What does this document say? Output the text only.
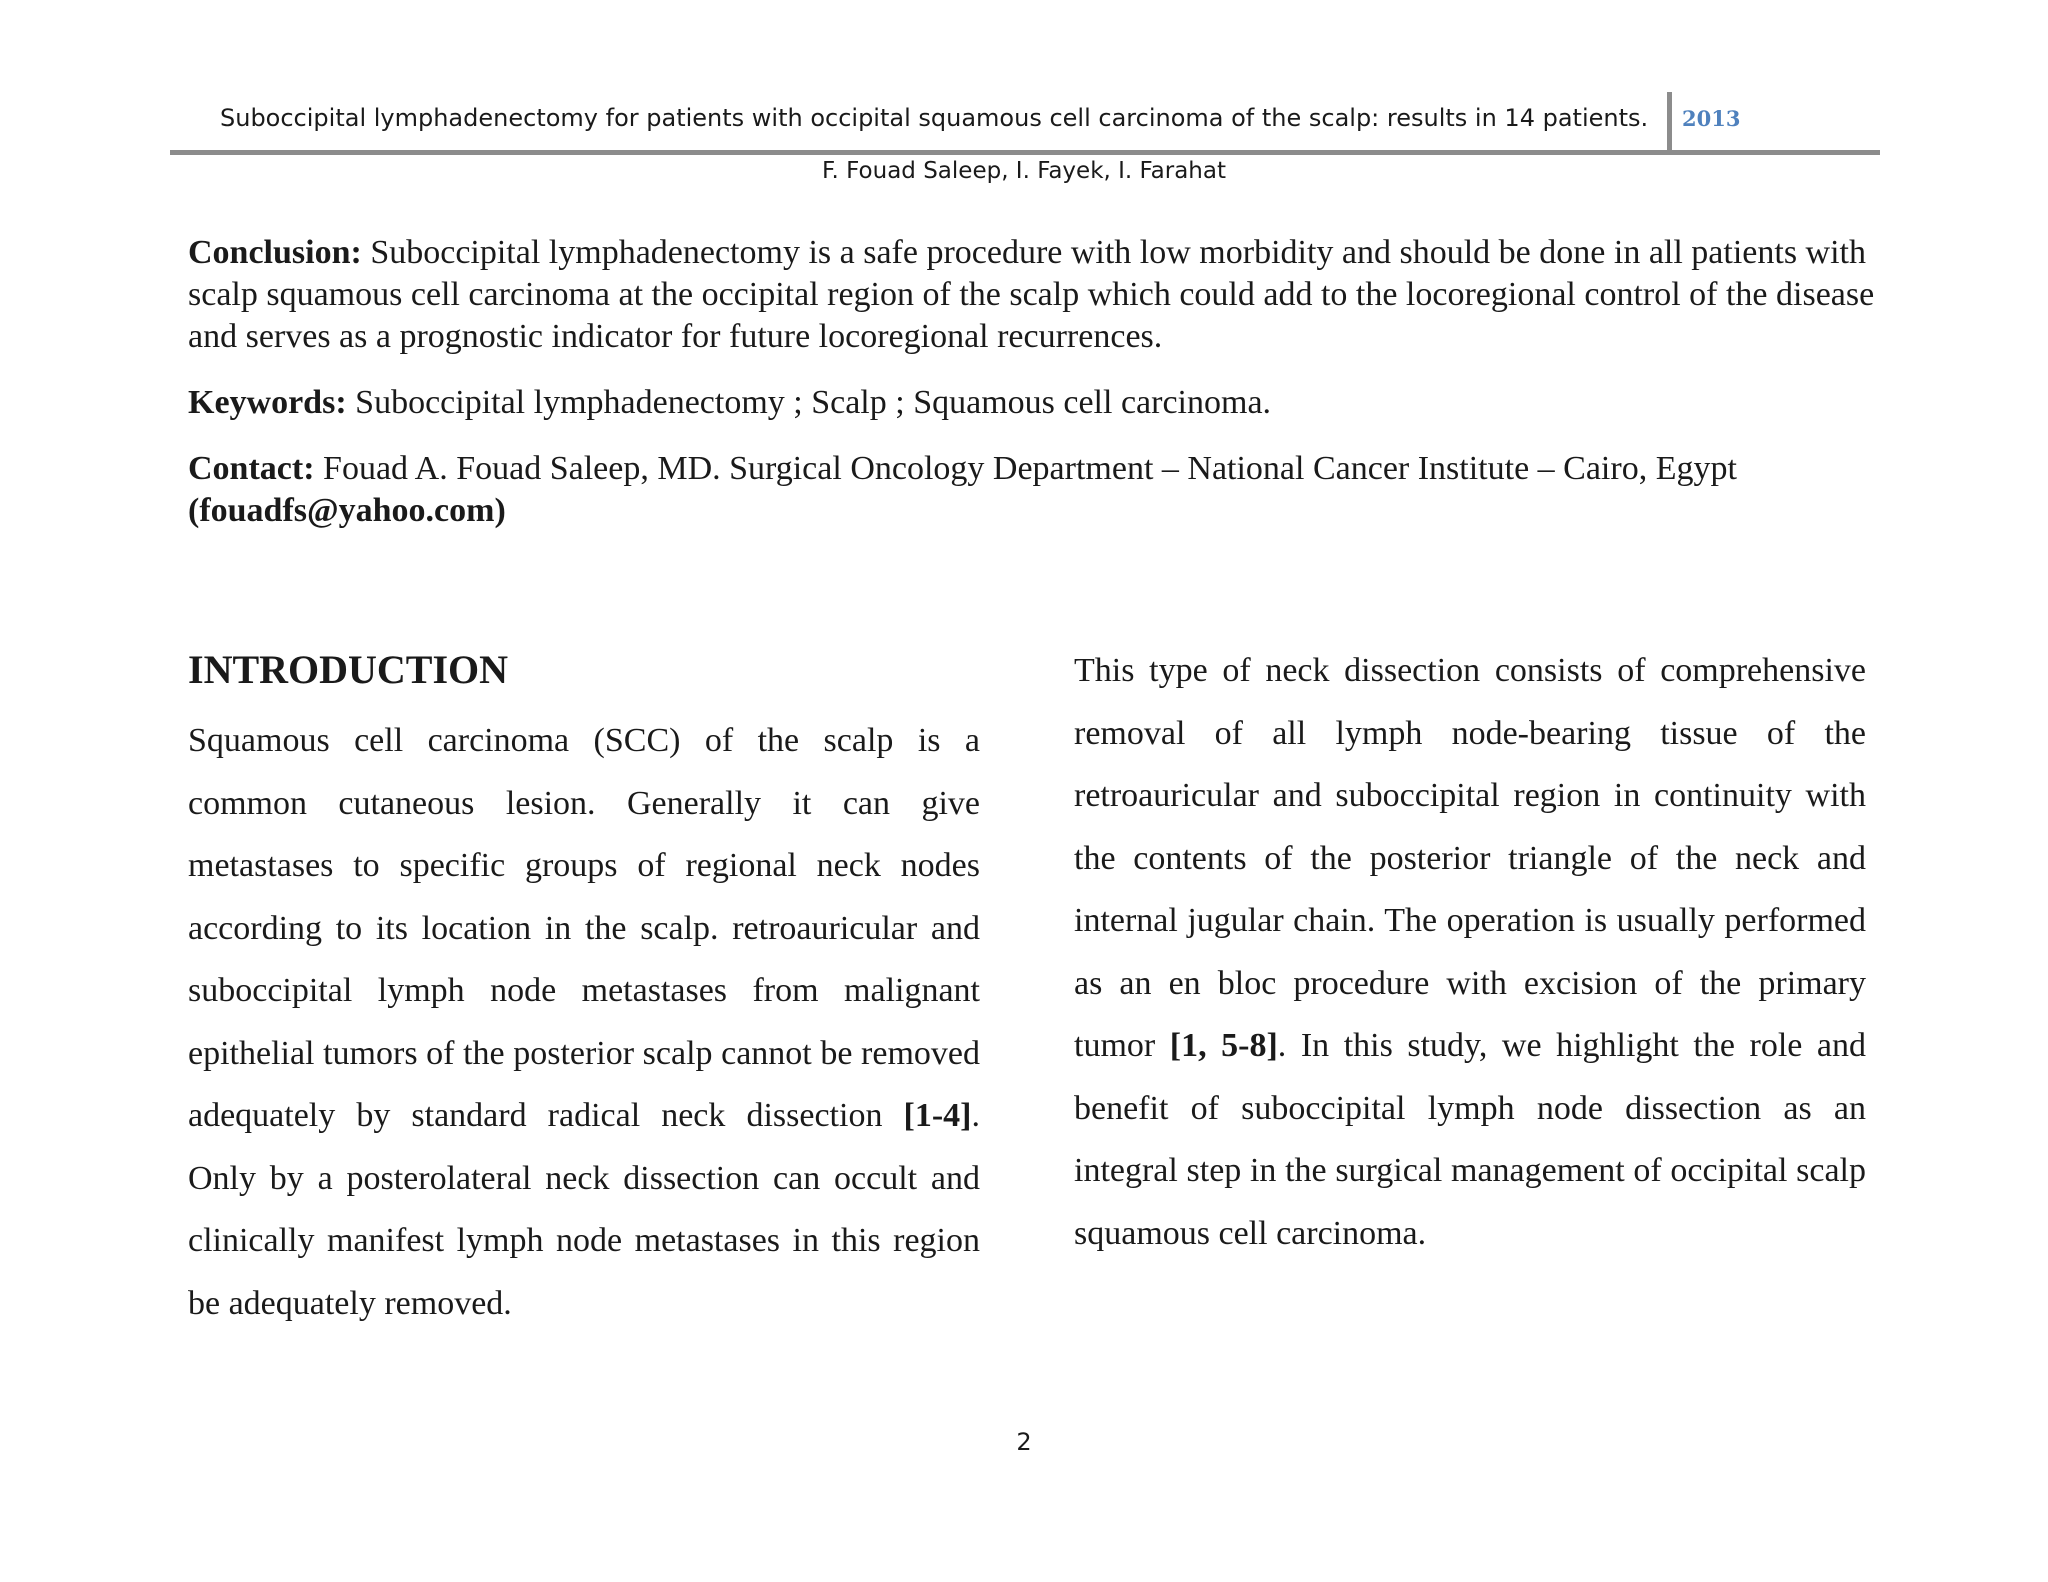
Suboccipital lymphadenectomy for patients with occipital squamous cell carcinoma of the scalp: results in 14 patients. 2013
F. Fouad Saleep, I. Fayek, I. Farahat

Conclusion: Suboccipital lymphadenectomy is a safe procedure with low morbidity and should be done in all patients with scalp squamous cell carcinoma at the occipital region of the scalp which could add to the locoregional control of the disease and serves as a prognostic indicator for future locoregional recurrences.

Keywords: Suboccipital lymphadenectomy ; Scalp ; Squamous cell carcinoma.

Contact: Fouad A. Fouad Saleep, MD. Surgical Oncology Department – National Cancer Institute – Cairo, Egypt
(fouadfs@yahoo.com)

INTRODUCTION

Squamous cell carcinoma (SCC) of the scalp is a common cutaneous lesion. Generally it can give metastases to specific groups of regional neck nodes according to its location in the scalp. retroauricular and suboccipital lymph node metastases from malignant epithelial tumors of the posterior scalp cannot be removed adequately by standard radical neck dissection [1-4]. Only by a posterolateral neck dissection can occult and clinically manifest lymph node metastases in this region be adequately removed.

This type of neck dissection consists of comprehensive removal of all lymph node-bearing tissue of the retroauricular and suboccipital region in continuity with the contents of the posterior triangle of the neck and internal jugular chain. The operation is usually performed as an en bloc procedure with excision of the primary tumor [1, 5-8]. In this study, we highlight the role and benefit of suboccipital lymph node dissection as an integral step in the surgical management of occipital scalp squamous cell carcinoma.

2
